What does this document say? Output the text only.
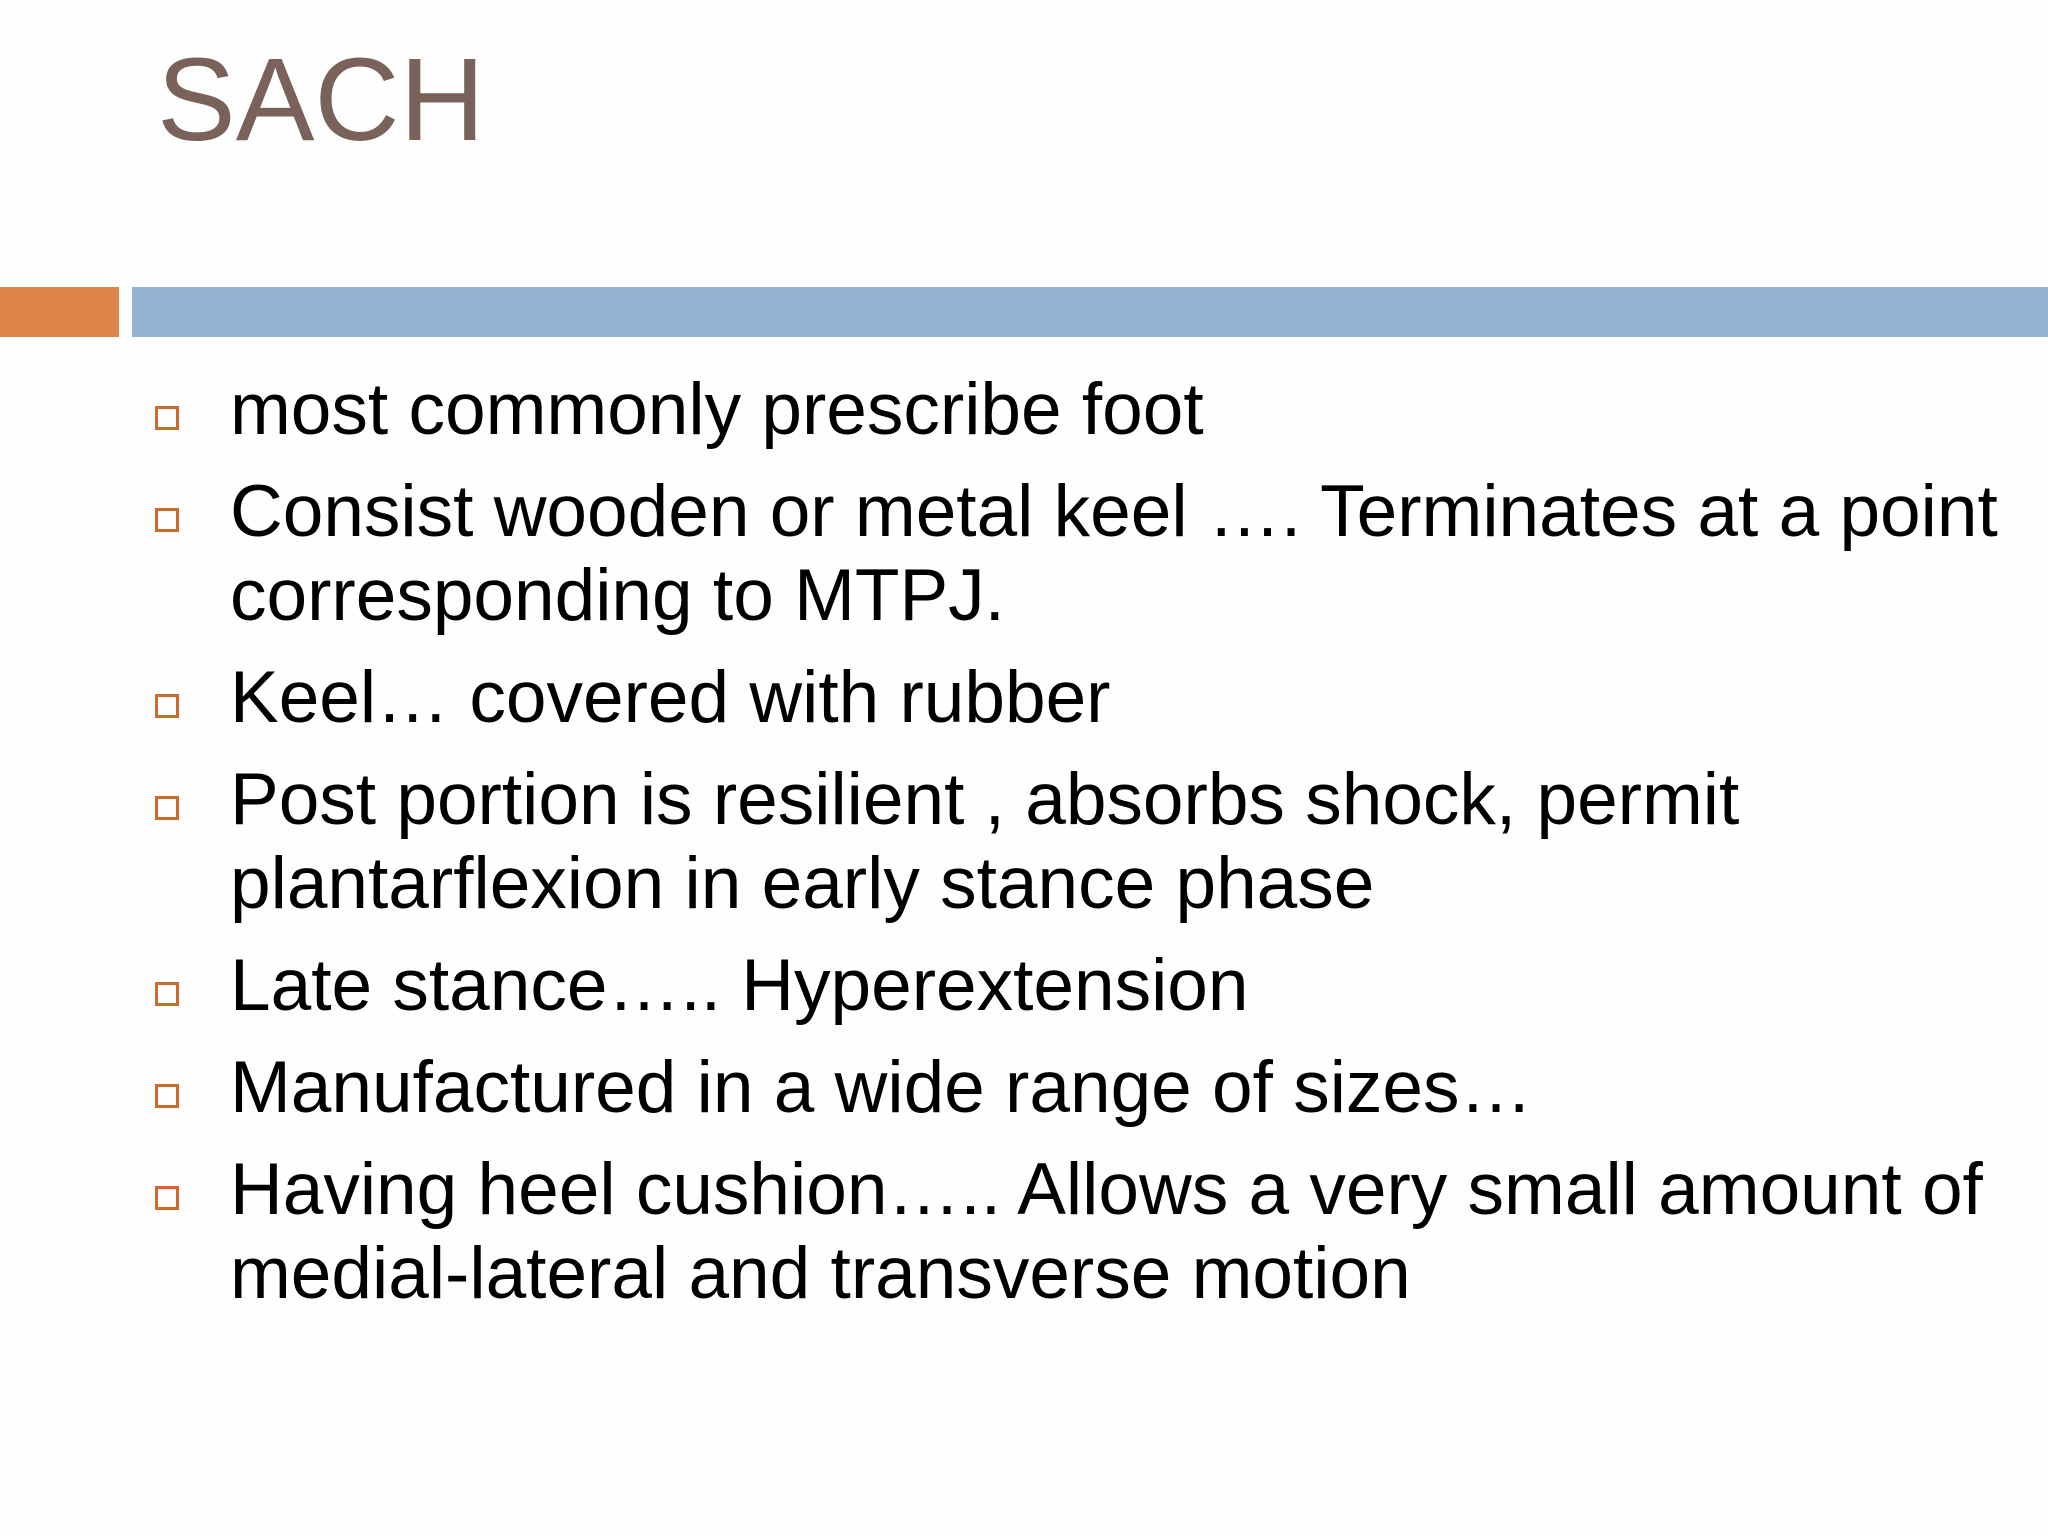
SACH
most commonly prescribe foot
Consist wooden or metal keel …. Terminates at a point corresponding to MTPJ.
Keel… covered with rubber
Post portion is resilient , absorbs shock, permit plantarflexion in early stance phase
Late stance….. Hyperextension
Manufactured in a wide range of sizes…
Having heel cushion….. Allows a very small amount of medial-lateral and transverse motion
